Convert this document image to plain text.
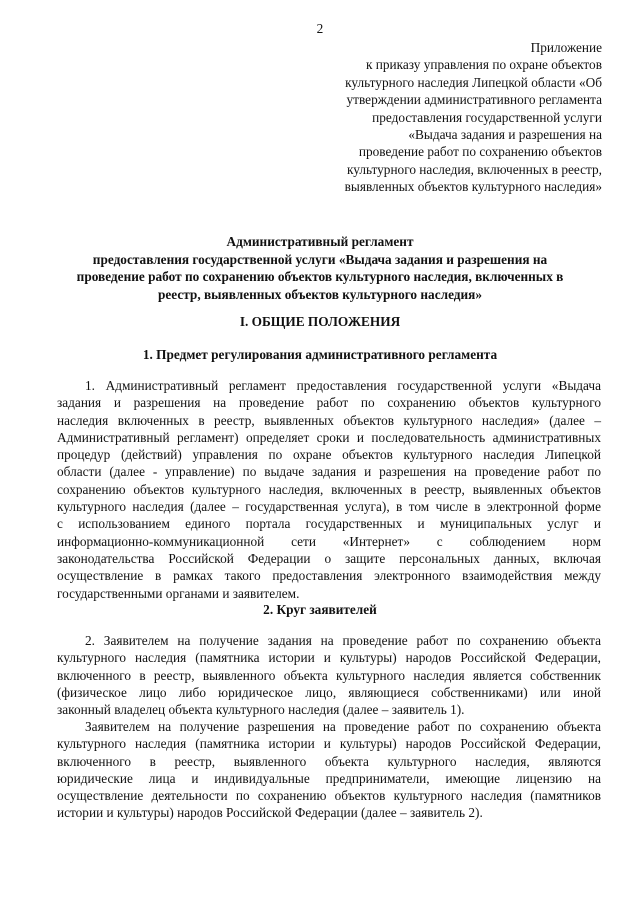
2
Приложение
к приказу управления по охране объектов
культурного наследия Липецкой области «Об
утверждении административного регламента
предоставления государственной услуги
«Выдача задания и разрешения на
проведение работ по сохранению объектов
культурного наследия, включенных в реестр,
выявленных объектов культурного наследия»
Административный регламент
предоставления государственной услуги «Выдача задания и разрешения на
проведение работ по сохранению объектов культурного наследия, включенных в
реестр, выявленных объектов культурного наследия»
I. ОБЩИЕ ПОЛОЖЕНИЯ
1. Предмет регулирования административного регламента
1. Административный регламент предоставления государственной услуги «Выдача
задания и разрешения на проведение работ по сохранению объектов культурного
наследия включенных в реестр, выявленных объектов культурного наследия» (далее –
Административный регламент) определяет сроки и последовательность административных
процедур (действий) управления по охране объектов культурного наследия Липецкой
области (далее - управление) по выдаче задания и разрешения на проведение работ по
сохранению объектов культурного наследия, включенных в реестр, выявленных объектов
культурного наследия (далее – государственная услуга), в том числе в электронной форме
с использованием единого портала государственных и муниципальных услуг и
информационно-коммуникационной сети «Интернет» с соблюдением норм
законодательства Российской Федерации о защите персональных данных, включая
осуществление в рамках такого предоставления электронного взаимодействия между
государственными органами и заявителем.
2. Круг заявителей
2. Заявителем на получение задания на проведение работ по сохранению объекта
культурного наследия (памятника истории и культуры) народов Российской Федерации,
включенного в реестр, выявленного объекта культурного наследия является собственник
(физическое лицо либо юридическое лицо, являющиеся собственниками) или иной
законный владелец объекта культурного наследия (далее – заявитель 1).
Заявителем на получение разрешения на проведение работ по сохранению объекта
культурного наследия (памятника истории и культуры) народов Российской Федерации,
включенного в реестр, выявленного объекта культурного наследия, являются
юридические лица и индивидуальные предприниматели, имеющие лицензию на
осуществление деятельности по сохранению объектов культурного наследия (памятников
истории и культуры) народов Российской Федерации (далее – заявитель 2).
